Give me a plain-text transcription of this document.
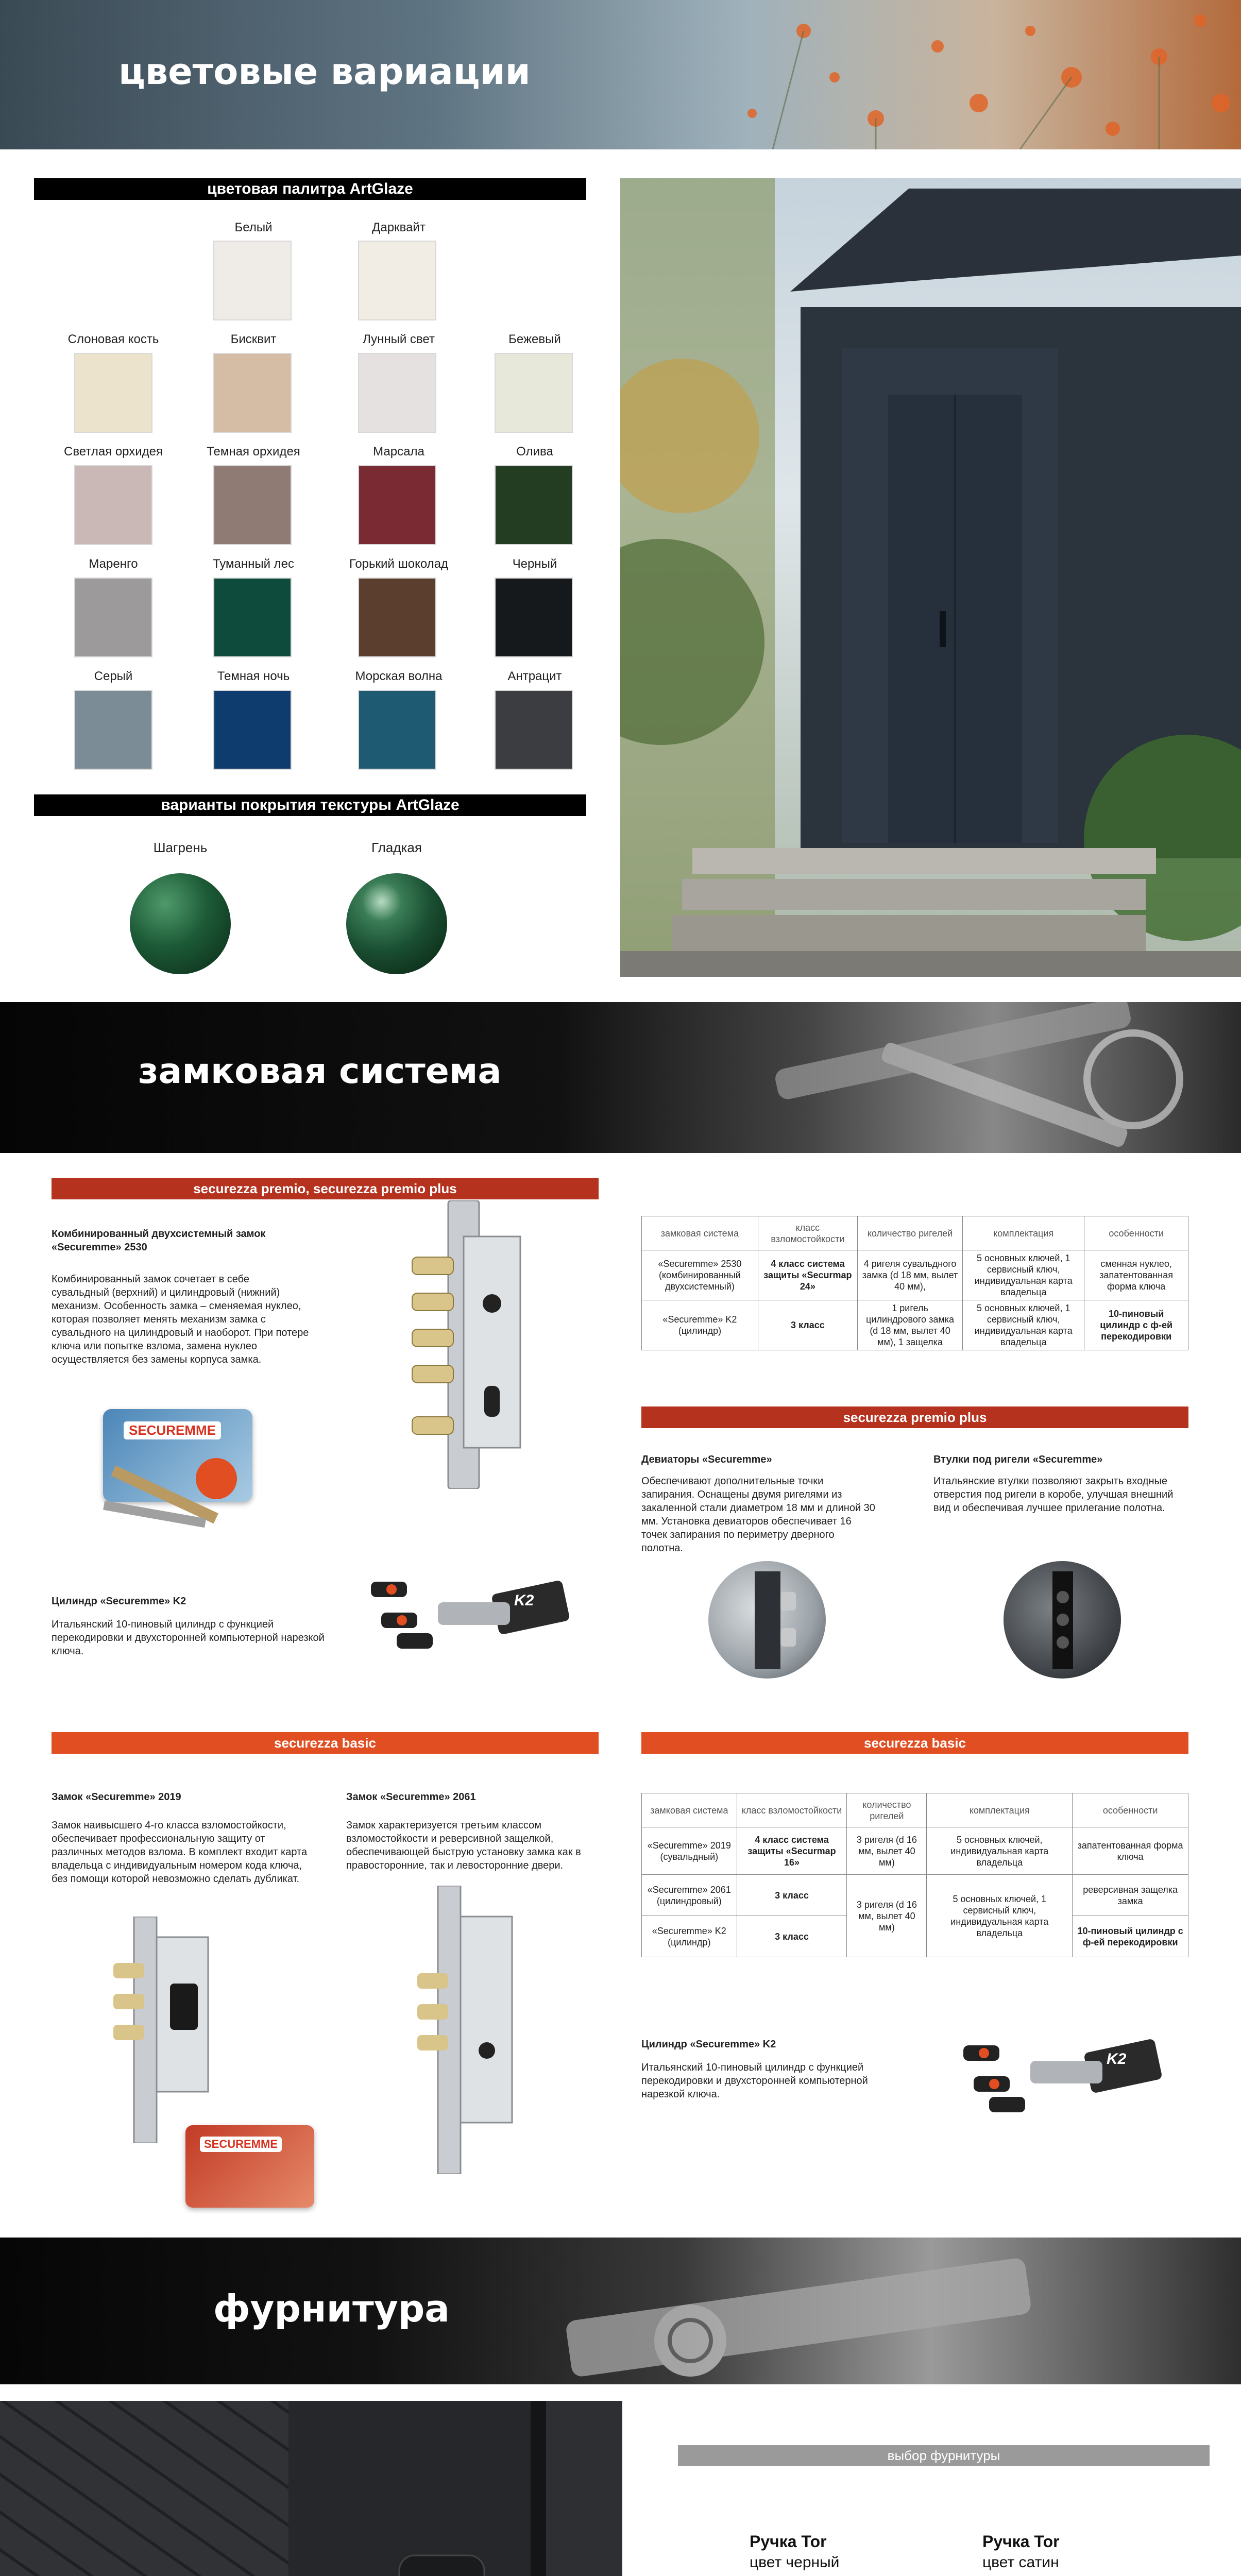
цветовые вариации
цветовая палитра ArtGlaze
Белый	Дарквайт
Слоновая кость	Бисквит	Лунный свет	Бежевый
Светлая орхидея	Темная орхидея	Марсала	Олива
Маренго	Туманный лес	Горький шоколад	Черный
Серый	Темная ночь	Морская волна	Антрацит
варианты покрытия текстуры ArtGlaze
Шагрень	Гладкая
замковая система
securezza premio, securezza premio plus
Комбинированный двухсистемный замок «Securemme» 2530
Комбинированный замок сочетает в себе сувальдный (верхний) и цилиндровый (нижний) механизм. Особенность замка – сменяемая нуклео, которая позволяет менять механизм замка с сувальдного на цилиндровый и наоборот. При потере ключа или попытке взлома, замена нуклео осуществляется без замены корпуса замка.
SECUREMME
Цилиндр «Securemme» K2
Итальянский 10-пиновый цилиндр с функцией перекодировки и двухсторонней компьютерной нарезкой ключа.
K2
замковая система	класс взломостойкости	количество ригелей	комплектация	особенности
«Securemme» 2530 (комбинированный двухсистемный)	4 класс система защиты «Securmap 24»	4 ригеля сувальдного замка (d 18 мм, вылет 40 мм),	5 основных ключей, 1 сервисный ключ, индивидуальная карта владельца	сменная нуклео, запатентованная форма ключа
«Securemme» K2 (цилиндр)	3 класс	1 ригель цилиндрового замка (d 18 мм, вылет 40 мм), 1 защелка	5 основных ключей, 1 сервисный ключ, индивидуальная карта владельца	10-пиновый цилиндр с ф-ей перекодировки
securezza premio plus
Девиаторы «Securemme»
Обеспечивают дополнительные точки запирания. Оснащены двумя ригелями из закаленной стали диаметром 18 мм и длиной 30 мм. Установка девиаторов обеспечивает 16 точек запирания по периметру дверного полотна.
Втулки под ригели «Securemme»
Итальянские втулки позволяют закрыть входные отверстия под ригели в коробе, улучшая внешний вид и обеспечивая лучшее прилегание полотна.
securezza basic	securezza basic
Замок «Securemme» 2019
Замок наивысшего 4-го класса взломостойкости, обеспечивает профессиональную защиту от различных методов взлома. В комплект входит карта владельца с индивидуальным номером кода ключа, без помощи которой невозможно сделать дубликат.
Замок «Securemme» 2061
Замок характеризуется третьим классом взломостойкости и реверсивной защелкой, обеспечивающей быструю установку замка как в правосторонние, так и левосторонние двери.
SECUREMME
замковая система	класс взломостойкости	количество ригелей	комплектация	особенности
«Securemme» 2019 (сувальдный)	4 класс система защиты «Securmap 16»	3 ригеля (d 16 мм, вылет 40 мм)	5 основных ключей, индивидуальная карта владельца	запатентованная форма ключа
«Securemme» 2061 (цилиндровый)	3 класс	3 ригеля (d 16 мм, вылет 40 мм)	5 основных ключей, 1 сервисный ключ, индивидуальная карта владельца	реверсивная защелка замка
«Securemme» K2 (цилиндр)	3 класс			10-пиновый цилиндр с ф-ей перекодировки
Цилиндр «Securemme» K2
Итальянский 10-пиновый цилиндр с функцией перекодировки и двухсторонней компьютерной нарезкой ключа.
K2
фурнитура
выбор фурнитуры
Ручка Tor
цвет черный
Ручка Tor
цвет сатин
